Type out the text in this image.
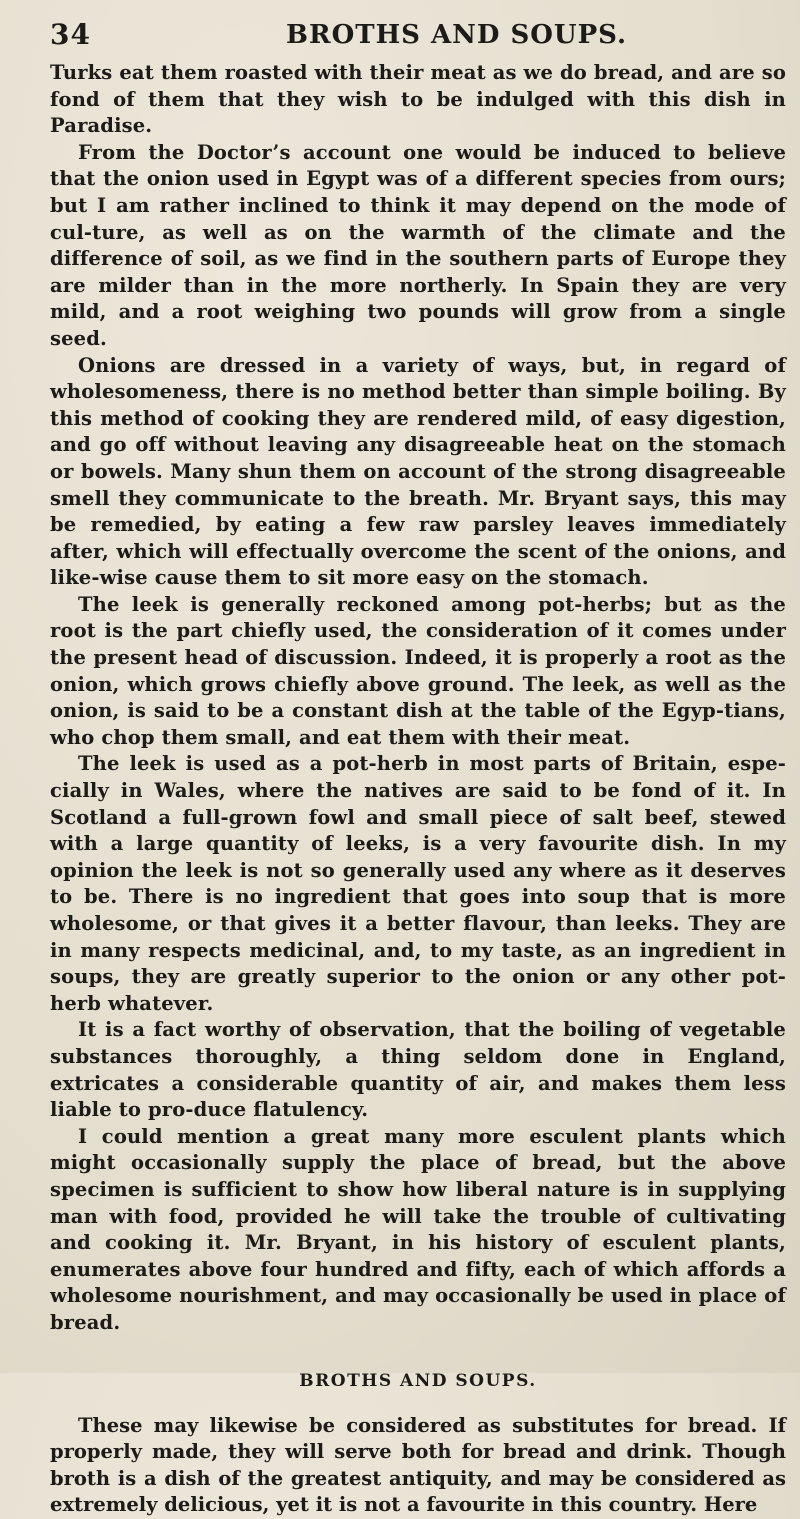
34	BROTHS AND SOUPS.

Turks eat them roasted with their meat as we do bread, and are so fond of them that they wish to be indulged with this dish in Paradise.

From the Doctor’s account one would be induced to believe that the onion used in Egypt was of a different species from ours; but I am rather inclined to think it may depend on the mode of cul-ture, as well as on the warmth of the climate and the difference of soil, as we find in the southern parts of Europe they are milder than in the more northerly. In Spain they are very mild, and a root weighing two pounds will grow from a single seed.

Onions are dressed in a variety of ways, but, in regard of wholesomeness, there is no method better than simple boiling. By this method of cooking they are rendered mild, of easy digestion, and go off without leaving any disagreeable heat on the stomach or bowels. Many shun them on account of the strong disagreeable smell they communicate to the breath. Mr. Bryant says, this may be remedied, by eating a few raw parsley leaves immediately after, which will effectually overcome the scent of the onions, and like-wise cause them to sit more easy on the stomach.

The leek is generally reckoned among pot-herbs; but as the root is the part chiefly used, the consideration of it comes under the present head of discussion. Indeed, it is properly a root as the onion, which grows chiefly above ground. The leek, as well as the onion, is said to be a constant dish at the table of the Egyp-tians, who chop them small, and eat them with their meat.

The leek is used as a pot-herb in most parts of Britain, espe-cially in Wales, where the natives are said to be fond of it. In Scotland a full-grown fowl and small piece of salt beef, stewed with a large quantity of leeks, is a very favourite dish. In my opinion the leek is not so generally used any where as it deserves to be. There is no ingredient that goes into soup that is more wholesome, or that gives it a better flavour, than leeks. They are in many respects medicinal, and, to my taste, as an ingredient in soups, they are greatly superior to the onion or any other pot-herb whatever.

It is a fact worthy of observation, that the boiling of vegetable substances thoroughly, a thing seldom done in England, extricates a considerable quantity of air, and makes them less liable to pro-duce flatulency.

I could mention a great many more esculent plants which might occasionally supply the place of bread, but the above specimen is sufficient to show how liberal nature is in supplying man with food, provided he will take the trouble of cultivating and cooking it. Mr. Bryant, in his history of esculent plants, enumerates above four hundred and fifty, each of which affords a wholesome nourishment, and may occasionally be used in place of bread.

BROTHS AND SOUPS.

These may likewise be considered as substitutes for bread. If properly made, they will serve both for bread and drink. Though broth is a dish of the greatest antiquity, and may be considered as extremely delicious, yet it is not a favourite in this country. Here
